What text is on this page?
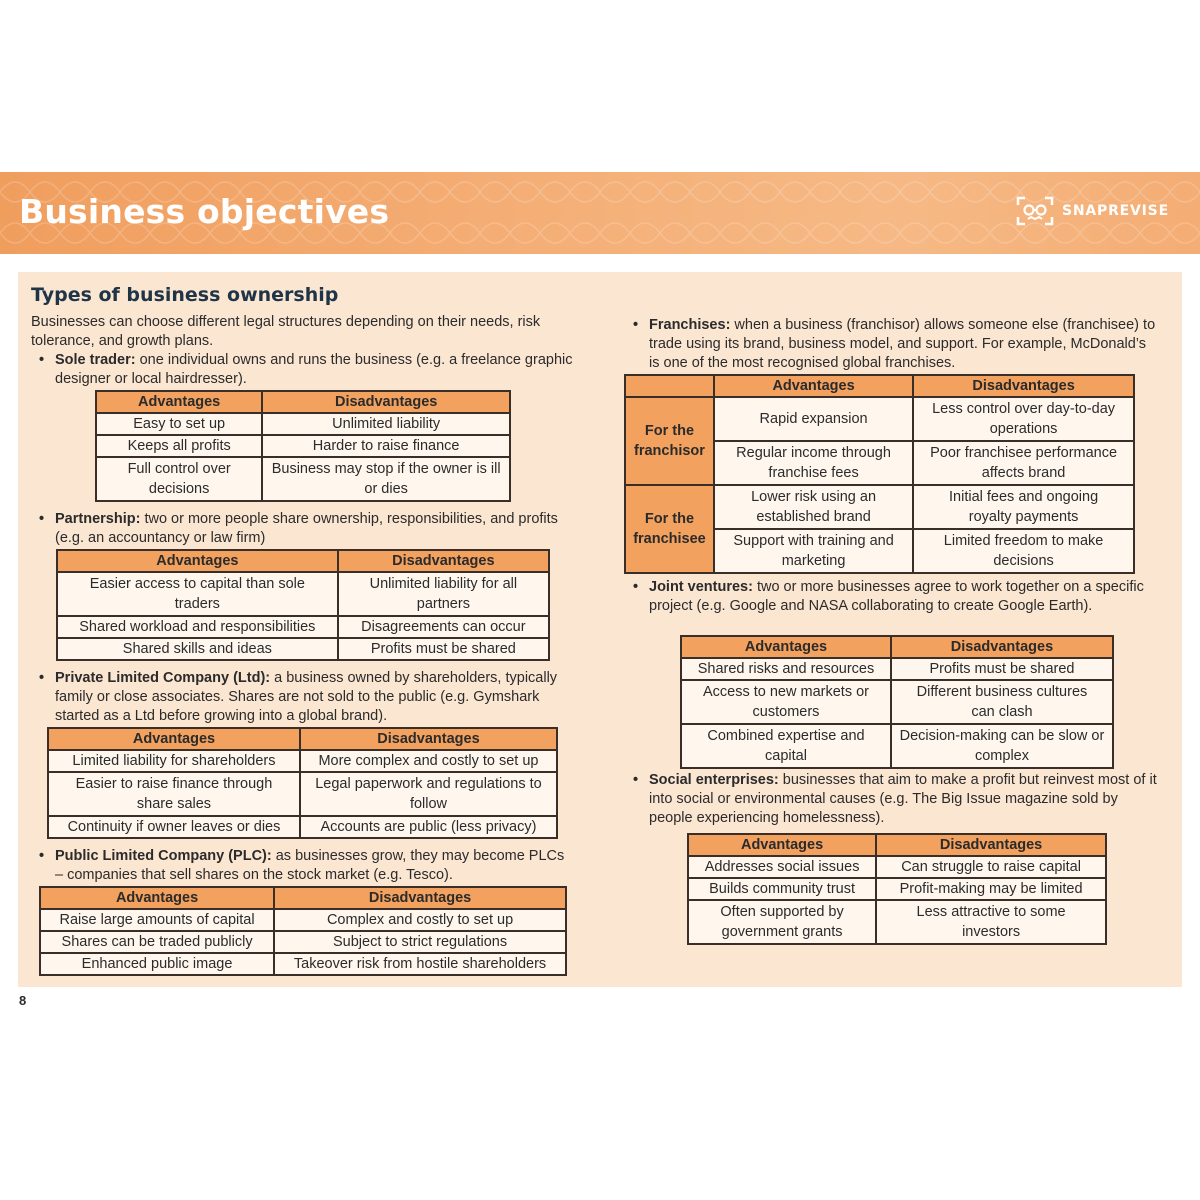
Business objectives	SNAPREVISE
Types of business ownership
Businesses can choose different legal structures depending on their needs, risk tolerance, and growth plans.
• Sole trader: one individual owns and runs the business (e.g. a freelance graphic designer or local hairdresser).
Advantages	Disadvantages
Easy to set up	Unlimited liability
Keeps all profits	Harder to raise finance
Full control over decisions	Business may stop if the owner is ill or dies
• Partnership: two or more people share ownership, responsibilities, and profits (e.g. an accountancy or law firm)
Advantages	Disadvantages
Easier access to capital than sole traders	Unlimited liability for all partners
Shared workload and responsibilities	Disagreements can occur
Shared skills and ideas	Profits must be shared
• Private Limited Company (Ltd): a business owned by shareholders, typically family or close associates. Shares are not sold to the public (e.g. Gymshark started as a Ltd before growing into a global brand).
Advantages	Disadvantages
Limited liability for shareholders	More complex and costly to set up
Easier to raise finance through share sales	Legal paperwork and regulations to follow
Continuity if owner leaves or dies	Accounts are public (less privacy)
• Public Limited Company (PLC): as businesses grow, they may become PLCs – companies that sell shares on the stock market (e.g. Tesco).
Advantages	Disadvantages
Raise large amounts of capital	Complex and costly to set up
Shares can be traded publicly	Subject to strict regulations
Enhanced public image	Takeover risk from hostile shareholders
• Franchises: when a business (franchisor) allows someone else (franchisee) to trade using its brand, business model, and support. For example, McDonald’s is one of the most recognised global franchises.
	Advantages	Disadvantages
For the franchisor	Rapid expansion	Less control over day-to-day operations
	Regular income through franchise fees	Poor franchisee performance affects brand
For the franchisee	Lower risk using an established brand	Initial fees and ongoing royalty payments
	Support with training and marketing	Limited freedom to make decisions
• Joint ventures: two or more businesses agree to work together on a specific project (e.g. Google and NASA collaborating to create Google Earth).
Advantages	Disadvantages
Shared risks and resources	Profits must be shared
Access to new markets or customers	Different business cultures can clash
Combined expertise and capital	Decision-making can be slow or complex
• Social enterprises: businesses that aim to make a profit but reinvest most of it into social or environmental causes (e.g. The Big Issue magazine sold by people experiencing homelessness).
Advantages	Disadvantages
Addresses social issues	Can struggle to raise capital
Builds community trust	Profit-making may be limited
Often supported by government grants	Less attractive to some investors
8
